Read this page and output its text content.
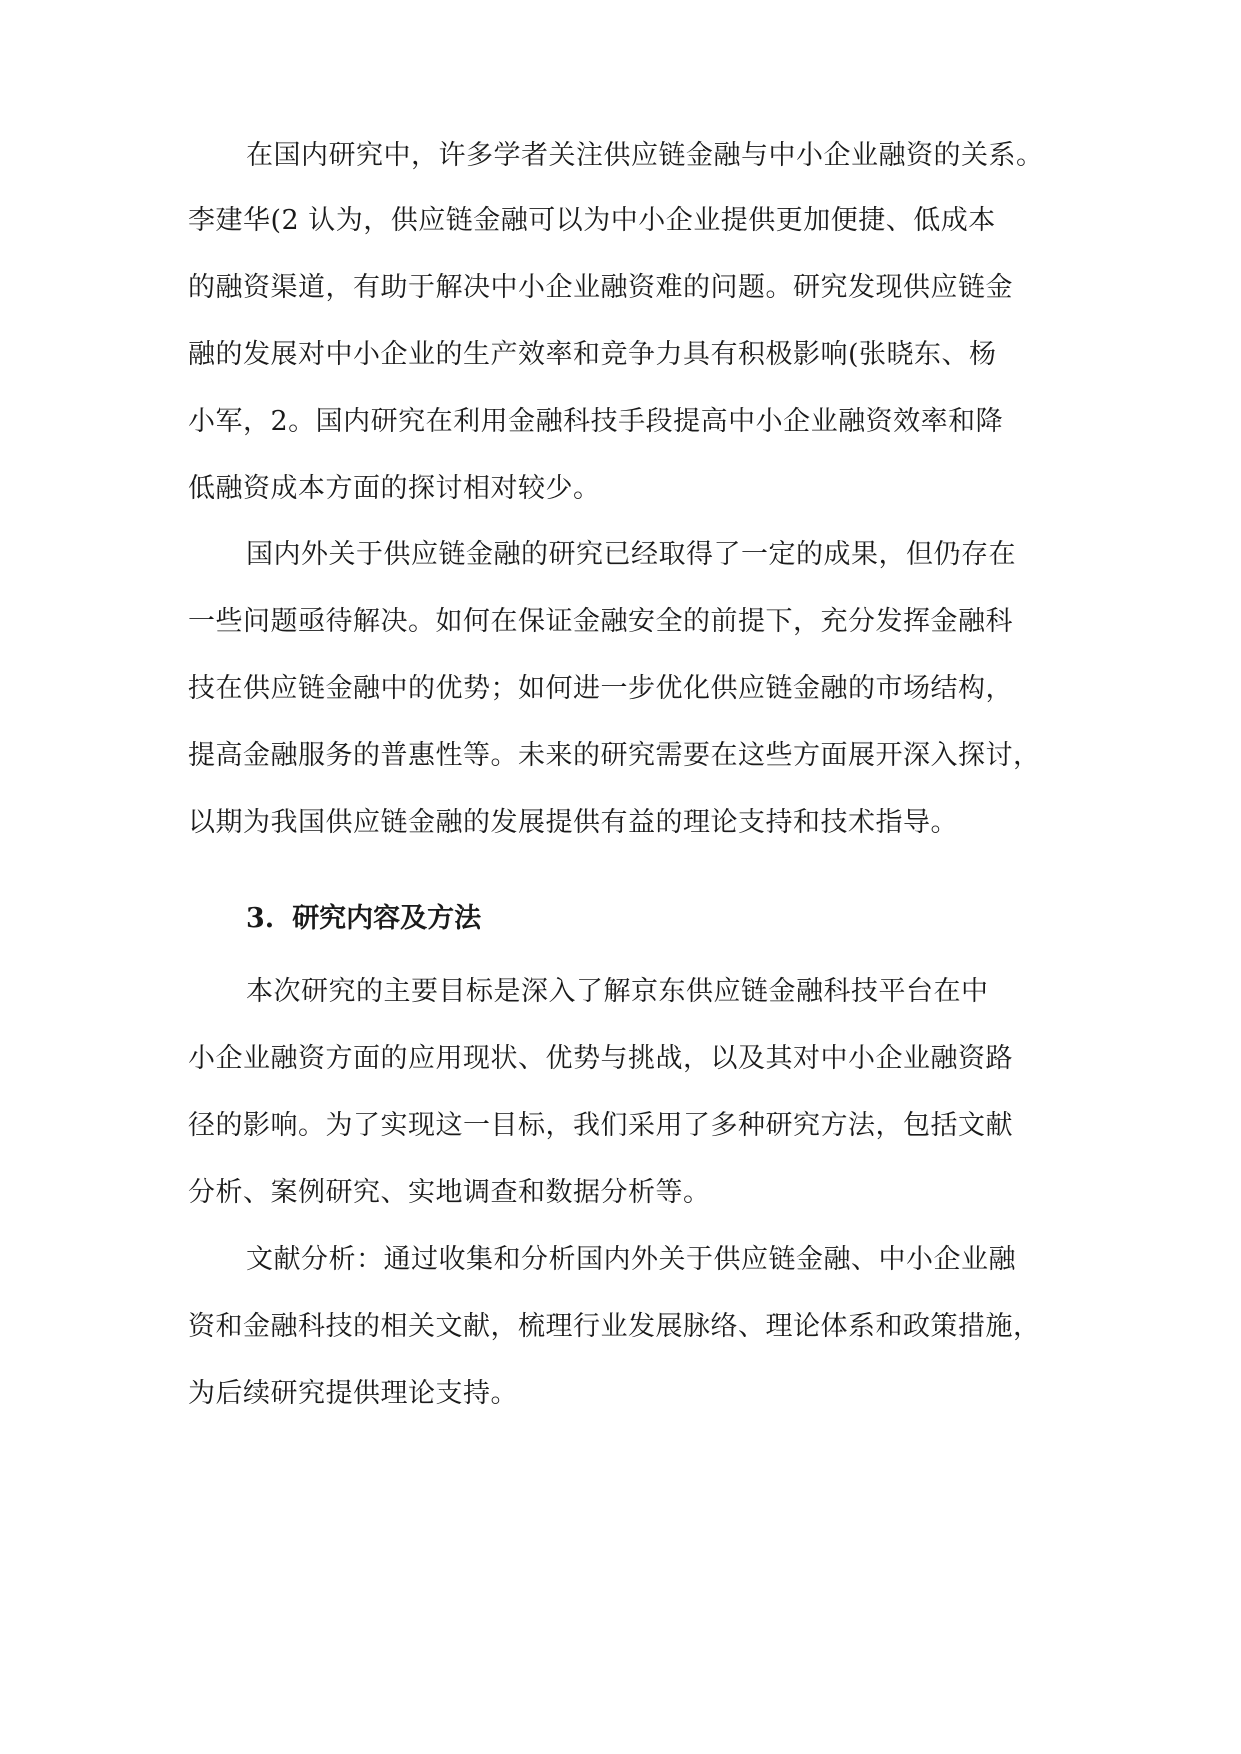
在国内研究中，许多学者关注供应链金融与中小企业融资的关系。
李建华(2 认为，供应链金融可以为中小企业提供更加便捷、低成本
的融资渠道，有助于解决中小企业融资难的问题。研究发现供应链金
融的发展对中小企业的生产效率和竞争力具有积极影响(张晓东、杨
小军，2。国内研究在利用金融科技手段提高中小企业融资效率和降
低融资成本方面的探讨相对较少。
国内外关于供应链金融的研究已经取得了一定的成果，但仍存在
一些问题亟待解决。如何在保证金融安全的前提下，充分发挥金融科
技在供应链金融中的优势；如何进一步优化供应链金融的市场结构，
提高金融服务的普惠性等。未来的研究需要在这些方面展开深入探讨，
以期为我国供应链金融的发展提供有益的理论支持和技术指导。
3. 研究内容及方法
本次研究的主要目标是深入了解京东供应链金融科技平台在中
小企业融资方面的应用现状、优势与挑战，以及其对中小企业融资路
径的影响。为了实现这一目标，我们采用了多种研究方法，包括文献
分析、案例研究、实地调查和数据分析等。
文献分析：通过收集和分析国内外关于供应链金融、中小企业融
资和金融科技的相关文献，梳理行业发展脉络、理论体系和政策措施，
为后续研究提供理论支持。
